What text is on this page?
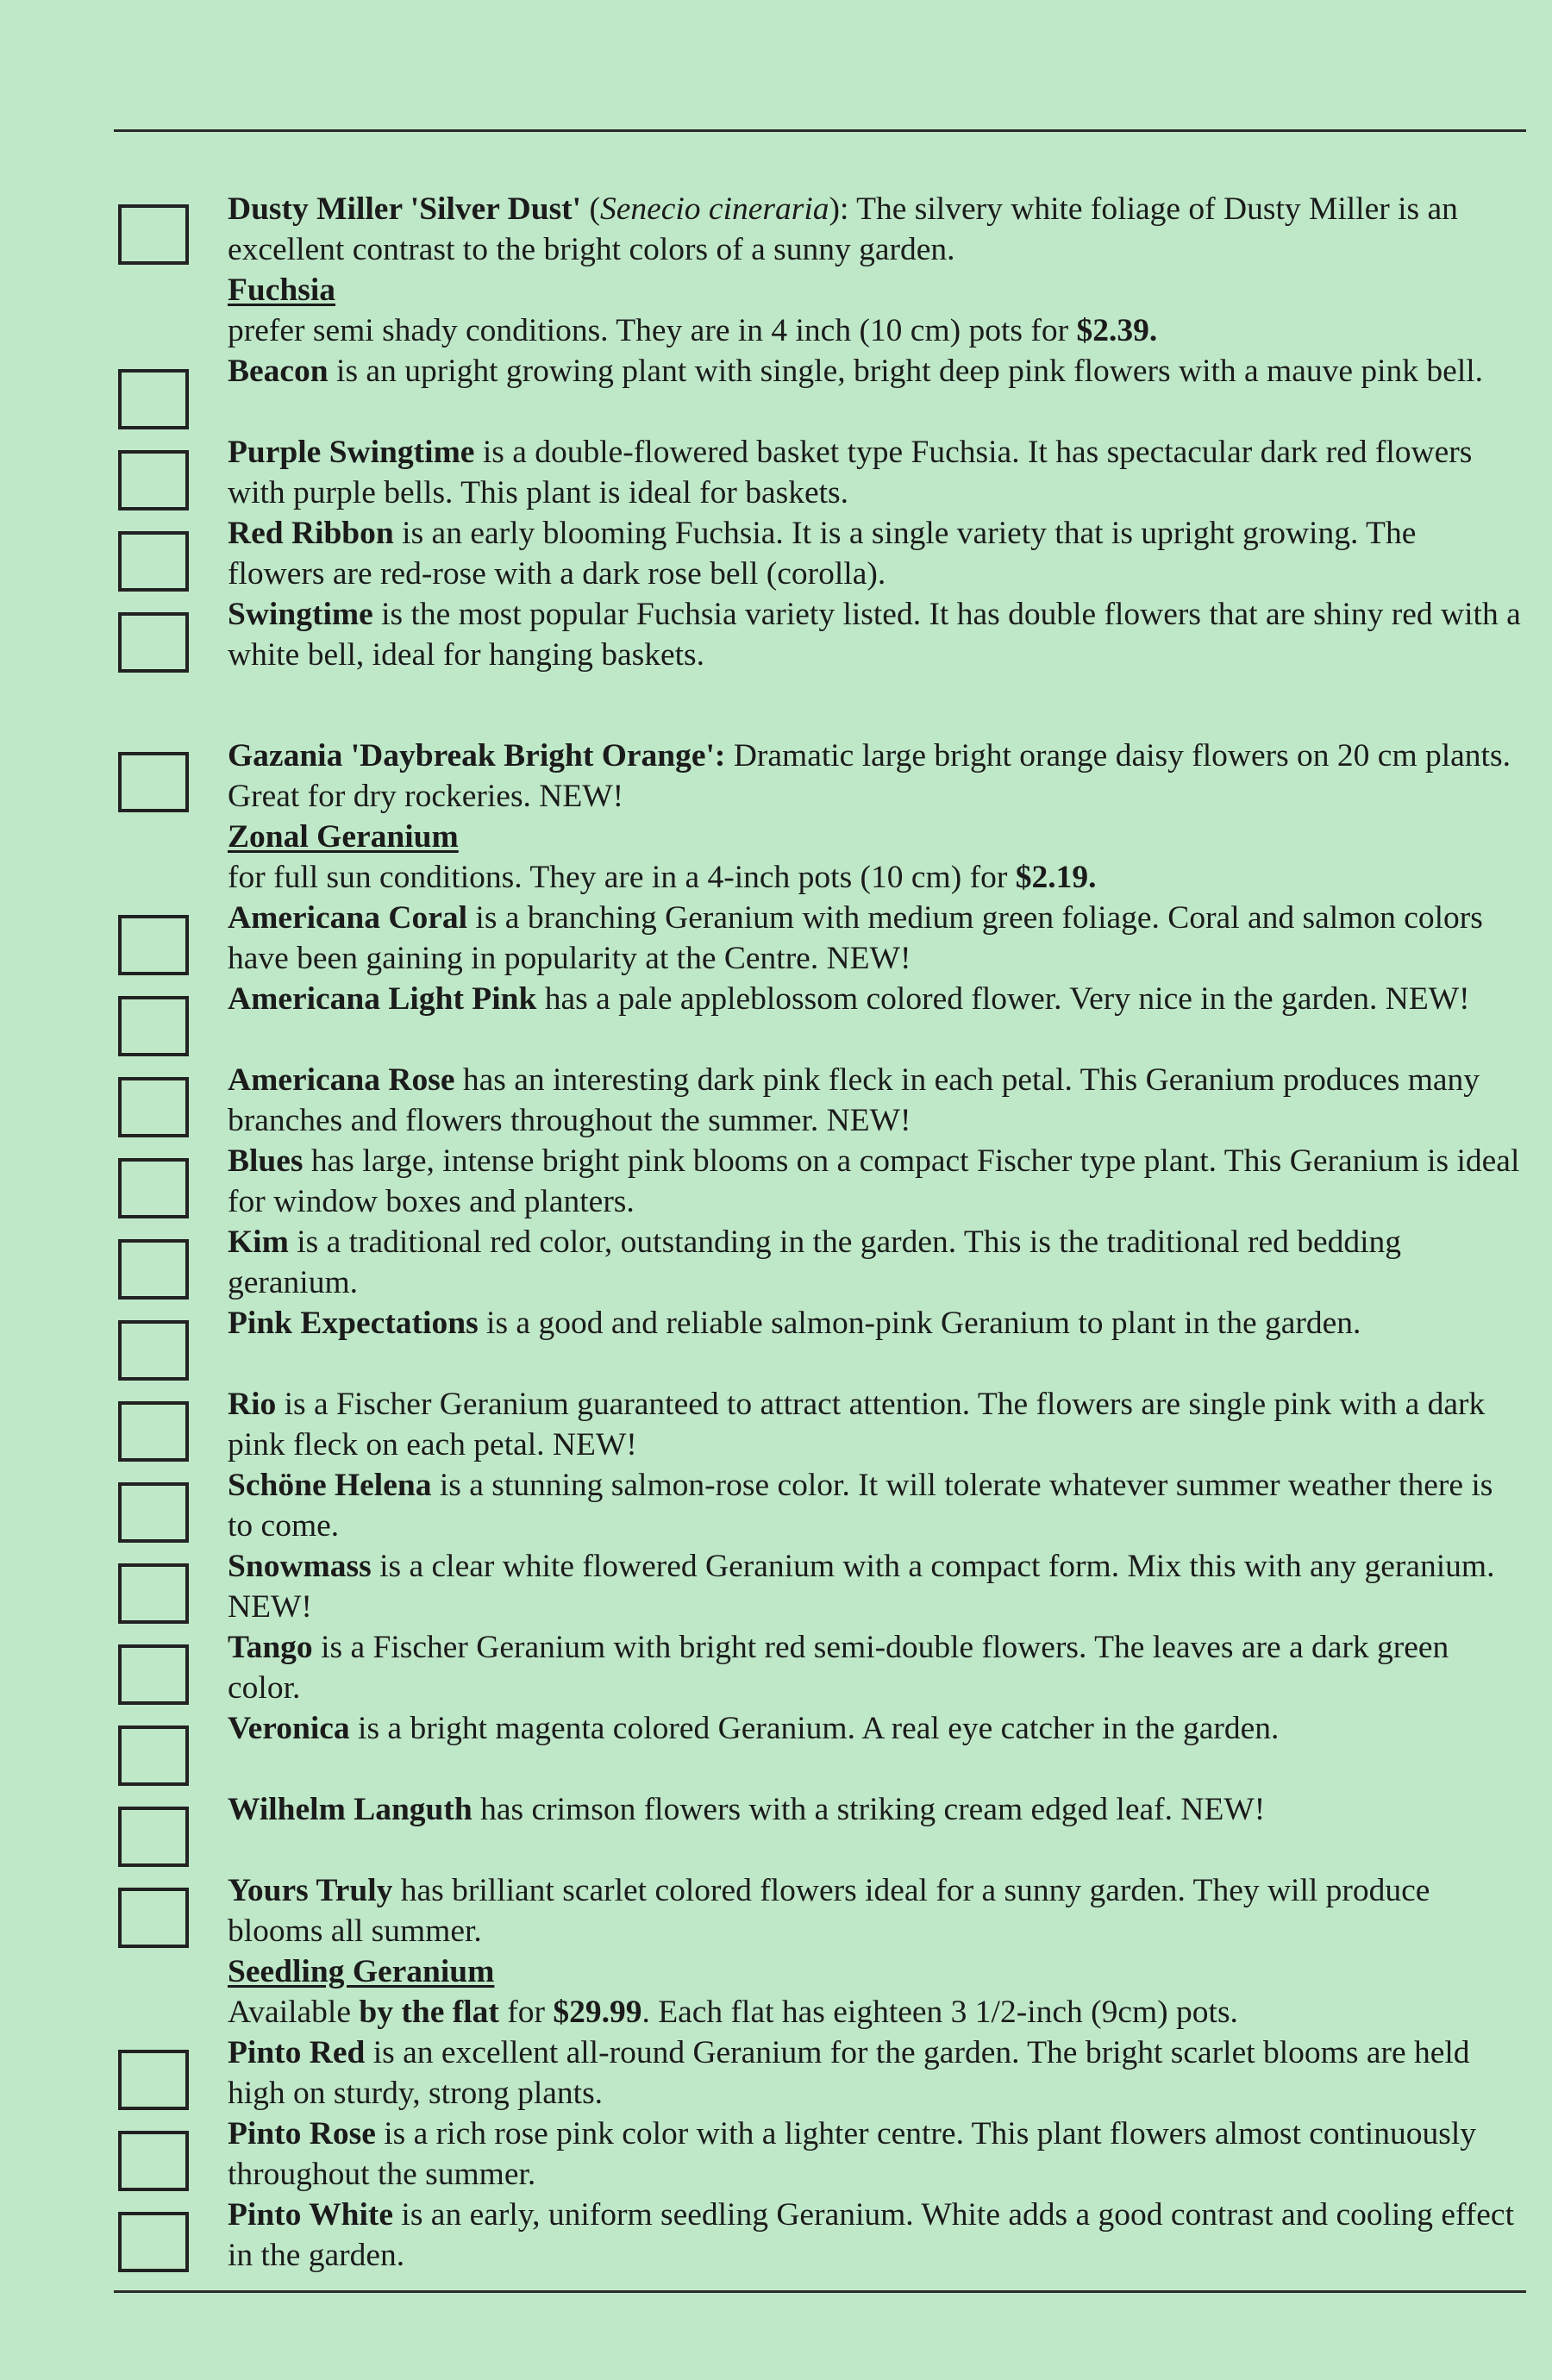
Dusty Miller 'Silver Dust' (Senecio cineraria): The silvery white foliage of Dusty Miller is an excellent contrast to the bright colors of a sunny garden.

Fuchsia

prefer semi shady conditions. They are in 4 inch (10 cm) pots for $2.39.

Beacon is an upright growing plant with single, bright deep pink flowers with a mauve pink bell.

Purple Swingtime is a double-flowered basket type Fuchsia. It has spectacular dark red flowers with purple bells. This plant is ideal for baskets.

Red Ribbon is an early blooming Fuchsia. It is a single variety that is upright growing. The flowers are red-rose with a dark rose bell (corolla).

Swingtime is the most popular Fuchsia variety listed. It has double flowers that are shiny red with a white bell, ideal for hanging baskets.

Gazania 'Daybreak Bright Orange': Dramatic large bright orange daisy flowers on 20 cm plants. Great for dry rockeries. NEW!

Zonal Geranium

for full sun conditions. They are in a 4-inch pots (10 cm) for $2.19.

Americana Coral is a branching Geranium with medium green foliage. Coral and salmon colors have been gaining in popularity at the Centre. NEW!

Americana Light Pink has a pale appleblossom colored flower. Very nice in the garden. NEW!

Americana Rose has an interesting dark pink fleck in each petal. This Geranium produces many branches and flowers throughout the summer. NEW!

Blues has large, intense bright pink blooms on a compact Fischer type plant. This Geranium is ideal for window boxes and planters.

Kim is a traditional red color, outstanding in the garden. This is the traditional red bedding geranium.

Pink Expectations is a good and reliable salmon-pink Geranium to plant in the garden.

Rio is a Fischer Geranium guaranteed to attract attention. The flowers are single pink with a dark pink fleck on each petal. NEW!

Schöne Helena is a stunning salmon-rose color. It will tolerate whatever summer weather there is to come.

Snowmass is a clear white flowered Geranium with a compact form. Mix this with any geranium. NEW!

Tango is a Fischer Geranium with bright red semi-double flowers. The leaves are a dark green color.

Veronica is a bright magenta colored Geranium. A real eye catcher in the garden.

Wilhelm Languth has crimson flowers with a striking cream edged leaf. NEW!

Yours Truly has brilliant scarlet colored flowers ideal for a sunny garden. They will produce blooms all summer.

Seedling Geranium

Available by the flat for $29.99. Each flat has eighteen 3 1/2-inch (9cm) pots.

Pinto Red is an excellent all-round Geranium for the garden. The bright scarlet blooms are held high on sturdy, strong plants.

Pinto Rose is a rich rose pink color with a lighter centre. This plant flowers almost continuously throughout the summer.

Pinto White is an early, uniform seedling Geranium. White adds a good contrast and cooling effect in the garden.
